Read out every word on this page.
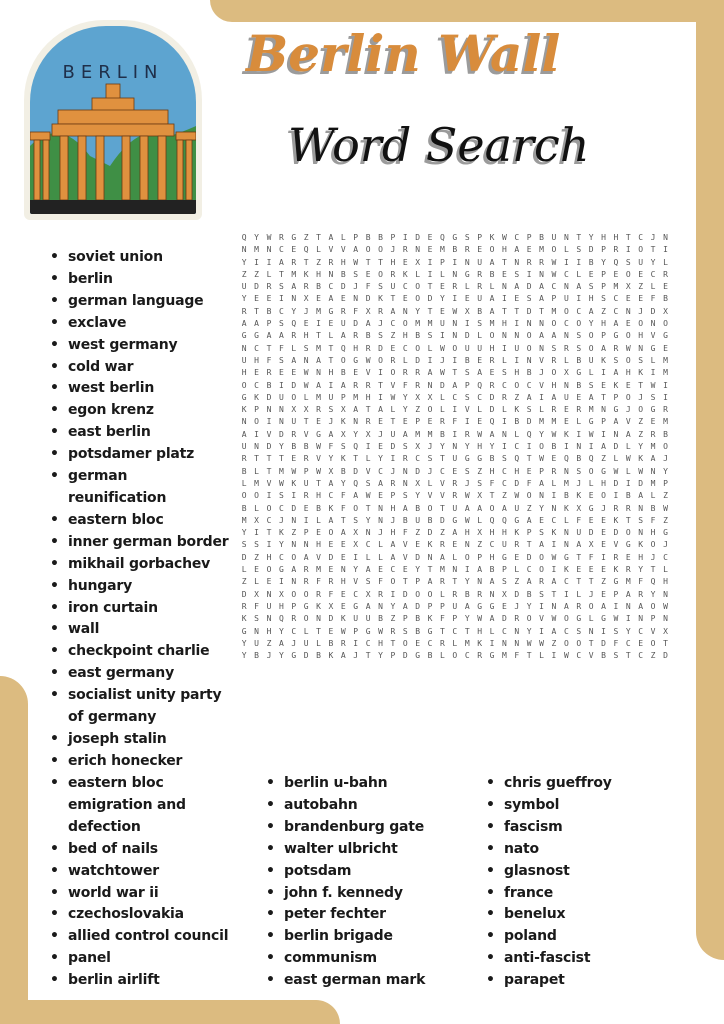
BERLIN Berlin Wall
Word Search
Q Y W R G Z T A L P B B P I D E Q G S P K W C P B U N T Y H H T C J N
N M N C E Q L V V A O O J R N E M B R E O H A E M O L S D P R I O T I
Y I I A R T Z R H W T T H E X I P I N U A T N R R W I I B Y Q S U Y L
Z Z L T M K H N B S E O R K L I L N G R B E S I N W C L E P E O E C R
U D R S A R B C D J F S U C O T E R L R L N A D A C N A S P M X Z L E
Y E E I N X E A E N D K T E O D Y I E U A I E S A P U I H S C E E F B
R T B C Y J M G R F X R A N Y T E W X B A T T D T M O C A Z C N J D X
A A P S Q E I E U D A J C O M M U N I S M H I N N O C O Y H A E O N O
G G A A R H T L A R B S Z H B S I N D L O N N O A A N S O P G O H V G
N C T F L S M T Q H R D E C O L W O U U H I U O N S R S O A R W N G E
U H F S A N A T O G W O R L D I J I B E R L I N V R L B U K S O S L M
H E R E E W N H B E V I O R R A W T S A E S H B J O X G L I A H K I M
O C B I D W A I A R R T V F R N D A P Q R C O C V H N B S E K E T W I
G K D U O L M U P M H I W Y X X L C S C D R Z A I A U E A T P O J S I
K P N N X X R S X A T A L Y Z O L I V L D L K S L R E R M N G J O G R
N O I N U T E J K N R E T E P E R F I E Q I B D M M E L G P A V Z E M
A I V D R V G A X Y X J U A M M B I R W A N L Q Y W K I W I N A Z R B
U N D Y B B W F S Q I E D S X J Y N Y H Y I C I O B I N I A D L Y M O
R T T T E R V Y K T L Y I R C S T U G G B S Q T W E Q B Q Z L W K A J
B L T M W P W X B D V C J N D J C E S Z H C H E P R N S O G W L W N Y
L M V W K U T A Y Q S A R N X L V R J S F C D F A L M J L H D I D M P
O O I S I R H C F A W E P S Y V V R W X T Z W O N I B K E O I B A L Z
B L O C D E B K F O T N H A B O T U A A O A U Z Y N K X G J R R N B W
M X C J N I L A T S Y N J B U B D G W L Q Q G A E C L F E E K T S F Z
Y I T K Z P E O A X N J H F Z D Z A H X H H K P S K N U D E D O N H G
S S I Y N N H E E X C L A V E K R E N Z C U R T A I N A X E V G K O J
D Z H C O A V D E I L L A V D N A L O P H G E D O W G T F I R E H J C
L E O G A R M E N Y A E C E Y T M N I A B P L C O I K E E E K R Y T L
Z L E I N R F R H V S F O T P A R T Y N A S Z A R A C T T Z G M F Q H
D X N X O O R F E C X R I D O O L R B R N X D B S T I L J E P A R Y N
R F U H P G K X E G A N Y A D P P U A G G E J Y I N A R O A I N A O W
K S N Q R O N D K U U B Z P B K F P Y W A D R O V W O G L G W I N P N
G N H Y C L T E W P G W R S B G T C T H L C N Y I A C S N I S Y C V X
Y U Z A J U L B R I C H T O E C R L M K I N N W W Z O O T D F C E O T
Y B J Y G D B K A J T Y P D G B L O C R G M F T L I W C V B S T C Z D
• soviet union
• berlin
• german language
• exclave
• west germany
• cold war
• west berlin
• egon krenz
• east berlin
• potsdamer platz
• german
reunification
• eastern bloc
• inner german border
• mikhail gorbachev
• hungary
• iron curtain
• wall
• checkpoint charlie
• east germany
• socialist unity party
of germany
• joseph stalin
• erich honecker
• eastern bloc
emigration and
defection
• bed of nails
• watchtower
• world war ii
• czechoslovakia
• allied control council
• panel
• berlin airlift
• berlin u-bahn
• autobahn
• brandenburg gate
• walter ulbricht
• potsdam
• john f. kennedy
• peter fechter
• berlin brigade
• communism
• east german mark
• chris gueffroy
• symbol
• fascism
• nato
• glasnost
• france
• benelux
• poland
• anti-fascist
• parapet
